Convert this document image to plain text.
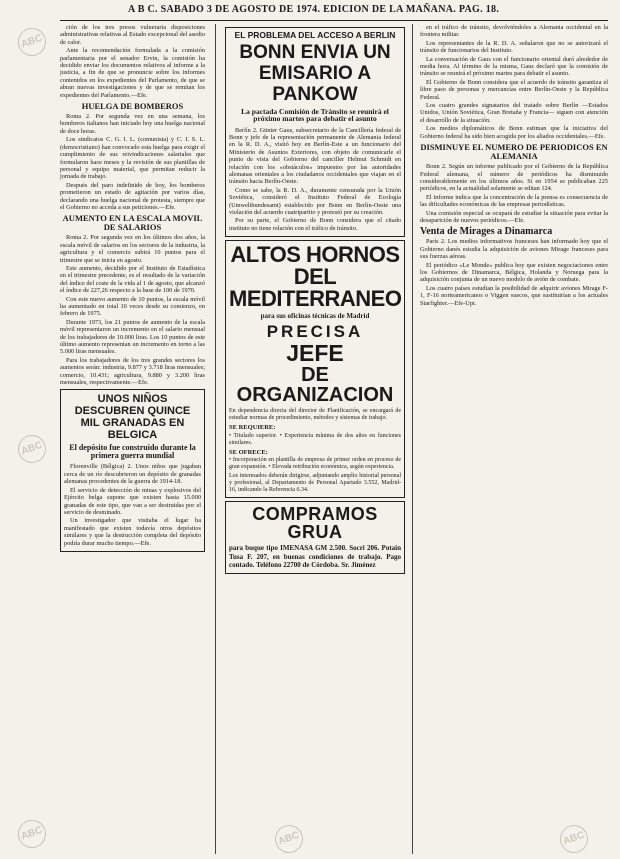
A B C. SABADO 3 DE AGOSTO DE 1974. EDICION DE LA MAÑANA. PAG. 18.

ción de los tres presos vulneraria disposiciones administrativas relativas al Estado excepcional del asedio de calor.

Ante la recomendación formulada a la comisión parlamentaria por el senador Ervin, la comisión ha decidido enviar los documentos relativos al informe a la justicia, a fin de que se pronuncie sobre los informes contenidos en los expedientes del Parlamento, de que se abran nuevas investigaciones y de que se remitan los expedientes del Parlamento.—Efe.

HUELGA DE BOMBEROS

Roma 2. Por segunda vez en una semana, los bomberos italianos han iniciado hoy una huelga nacional de doce horas.

Los sindicatos C. G. I. L. (comunista) y C. I. S. L. (democristiano) han convocado esta huelga para exigir el cumplimiento de sus reivindicaciones salariales que formularon hace meses y la revisión de sus plantillas de personal y equipo material, que permitan reducir la jornada de trabajo.

Después del paro indefinido de hoy, los bomberos prometieron un estado de agitación por varios días, declarando una huelga nacional de protesta, siempre que el Gobierno no acceda a sus peticiones.—Efe.

AUMENTO EN LA ESCALA MOVIL DE SALARIOS

Roma 2. Por segunda vez en los últimos dos años, la escala móvil de salarios en los sectores de la industria, la agricultura y el comercio subirá 10 puntos para el trimestre que se inicia en agosto.

Este aumento, decidido por el Instituto de Estadística en el trimestre precedente, es el resultado de la variación del índice del coste de la vida al 1 de agosto, que alcanzó el índice de 227,26 respecto a la base de 100 de 1970.

Con este nuevo aumento de 10 puntos, la escala móvil ha aumentado en total 10 veces desde su comienzo, en febrero de 1975.

Durante 1973, los 21 puntos de aumento de la escala móvil representaron un incremento en el salario mensual de los trabajadores de 10.000 liras. Los 10 puntos de este último aumento representan un incremento en torno a las 5.000 liras mensuales.

Para los trabajadores de los tres grandes sectores los aumentos serán: industria, 9.877 y 3.718 liras mensuales; comercio, 10.431; agricultura, 9.880 y 3.200 liras mensuales, respectivamente.—Efe.

UNOS NIÑOS DESCUBREN QUINCE MIL GRANADAS EN BELGICA
El depósito fue construido durante la primera guerra mundial

Florenville (Bélgica) 2. Unos niños que jugaban cerca de un río descubrieron un depósito de granadas alemanas procedentes de la guerra de 1914-18.

El servicio de detección de minas y explosivos del Ejército belga supone que existen hasta 15.000 granadas de este tipo, que van a ser destruidas por el servicio de desminado.

Un investigador que visitaba el lugar ha manifestado que existen todavía otros depósitos similares y que la destrucción completa del depósito podría durar mucho tiempo.—Efe.

EL PROBLEMA DEL ACCESO A BERLIN
BONN ENVIA UN EMISARIO A PANKOW
La pactada Comisión de Tránsito se reunirá el próximo martes para debatir el asunto

Berlín 2. Günter Gaus, subsecretario de la Cancillería federal de Bonn y jefe de la representación permanente de Alemania federal en la R. D. A., visitó hoy en Berlín-Este a un funcionario del Ministerio de Asuntos Exteriores, con objeto de comunicarle el punto de vista del Gobierno del canciller Helmut Schmidt en relación con los «obstáculos» impuestos por las autoridades alemanas orientales a los ciudadanos occidentales que viajan en el tránsito hacia Berlín-Oeste.

Como se sabe, la R. D. A., duramente censurada por la Unión Soviética, consideró el Instituto Federal de Ecología (Umweltbundesamt) establecido por Bonn en Berlín-Oeste una violación del acuerdo cuatripartito y protestó por su creación.

Por su parte, el Gobierno de Bonn considera que el citado instituto no tiene relación con el tráfico de tránsito.

ALTOS HORNOS DEL MEDITERRANEO
para sus oficinas técnicas de Madrid
PRECISA
JEFE
DE ORGANIZACION
En dependencia directa del director de Planificación, se encargará de estudiar normas de procedimiento, métodos y sistemas de trabajo.
SE REQUIERE:
• Titulado superior. • Experiencia mínima de dos años en funciones similares.
SE OFRECE:
• Incorporación en plantilla de empresa de primer orden en proceso de gran expansión. • Elevada retribución económica, según experiencia.
Los interesados deberán dirigirse, adjuntando amplio historial personal y profesional, al Departamento de Personal Apartado 3.552, Madrid-16, indicando la Referencia 6.34.
COMPRAMOS GRUA
para buque tipo IMENASA GM 2.500. Socri 206. Potain Tusa F. 207, en buenas condiciones de trabajo. Pago contado. Teléfono 22700 de Córdoba. Sr. Jiménez

en el tráfico de tránsito, devolviéndoles a Alemania occidental en la frontera militar.

Los representantes de la R. D. A. señalaron que no se autorizará el tránsito de funcionarios del Instituto.

La conversación de Gaus con el funcionario oriental duró alrededor de media hora. Al término de la misma, Gaus declaró que la comisión de tránsito se reunirá el próximo martes para debatir el asunto.

El Gobierno de Bonn considera que el acuerdo de tránsito garantiza el libre paso de personas y mercancías entre Berlín-Oeste y la República Federal.

Los cuatro grandes signatarios del tratado sobre Berlín —Estados Unidos, Unión Soviética, Gran Bretaña y Francia— siguen con atención el desarrollo de la situación.

Los medios diplomáticos de Bonn estiman que la iniciativa del Gobierno federal ha sido bien acogida por los aliados occidentales.—Efe.

DISMINUYE EL NUMERO DE PERIODICOS EN ALEMANIA

Bonn 2. Según un informe publicado por el Gobierno de la República Federal alemana, el número de periódicos ha disminuido considerablemente en los últimos años. Si en 1954 se publicaban 225 periódicos, en la actualidad solamente se editan 124.

El informe indica que la concentración de la prensa es consecuencia de las dificultades económicas de las empresas periodísticas.

Una comisión especial se ocupará de estudiar la situación para evitar la desaparición de nuevos periódicos.—Efe.

Venta de Mirages a Dinamarca

París 2. Los medios informativos franceses han informado hoy que el Gobierno danés estudia la adquisición de aviones Mirage franceses para sus fuerzas aéreas.

El periódico «Le Monde» publica hoy que existen negociaciones entre los Gobiernos de Dinamarca, Bélgica, Holanda y Noruega para la adquisición conjunta de un nuevo modelo de avión de combate.

Los cuatro países estudian la posibilidad de adquirir aviones Mirage F-1, F-16 norteamericanos o Viggen suecos, que sustituirían a los actuales Starfighter.—Efe-Upi.

ABC
ABC
ABC	ABC	ABC
